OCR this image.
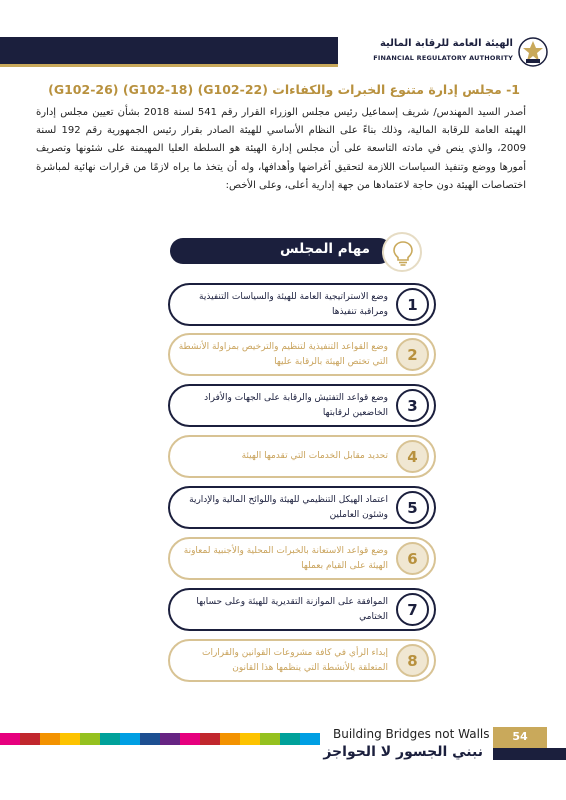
الهيئة العامة للرقابة المالية
FINANCIAL REGULATORY AUTHORITY
1- مجلس إدارة متنوع الخبرات والكفاءات (G102-22) (G102-18) (G102-26)

أصدر السيد المهندس/ شريف إسماعيل رئيس مجلس الوزراء القرار رقم 541 لسنة 2018 بشأن تعيين مجلس إدارة الهيئة العامة للرقابة المالية، وذلك بناءً على النظام الأساسي للهيئة الصادر بقرار رئيس الجمهورية رقم 192 لسنة 2009، والذي ينص في مادته التاسعة على أن مجلس إدارة الهيئة هو السلطة العليا المهيمنة على شئونها وتصريف أمورها ووضع وتنفيذ السياسات اللازمة لتحقيق أغراضها وأهدافها، وله أن يتخذ ما يراه لازمًا من قرارات نهائية لمباشرة اختصاصات الهيئة دون حاجة لاعتمادها من جهة إدارية أعلى، وعلى الأخص:

مهام المجلس
1
وضع الاستراتيجية العامة للهيئة والسياسات التنفيذية ومراقبة تنفيذها
2
وضع القواعد التنفيذية لتنظيم والترخيص بمزاولة الأنشطة التي تختص الهيئة بالرقابة عليها
3
وضع قواعد التفتيش والرقابة على الجهات والأفراد الخاضعين لرقابتها
4
تحديد مقابل الخدمات التي تقدمها الهيئة
5
اعتماد الهيكل التنظيمي للهيئة واللوائح المالية والإدارية وشئون العاملين
6
وضع قواعد الاستعانة بالخبرات المحلية والأجنبية لمعاونة الهيئة على القيام بعملها
7
الموافقة على الموازنة التقديرية للهيئة وعلى حسابها الختامي
8
إبداء الرأي في كافة مشروعات القوانين والقرارات المتعلقة بالأنشطة التي ينظمها هذا القانون
Building Bridges not Walls
نبني الجسور لا الحواجز
54
